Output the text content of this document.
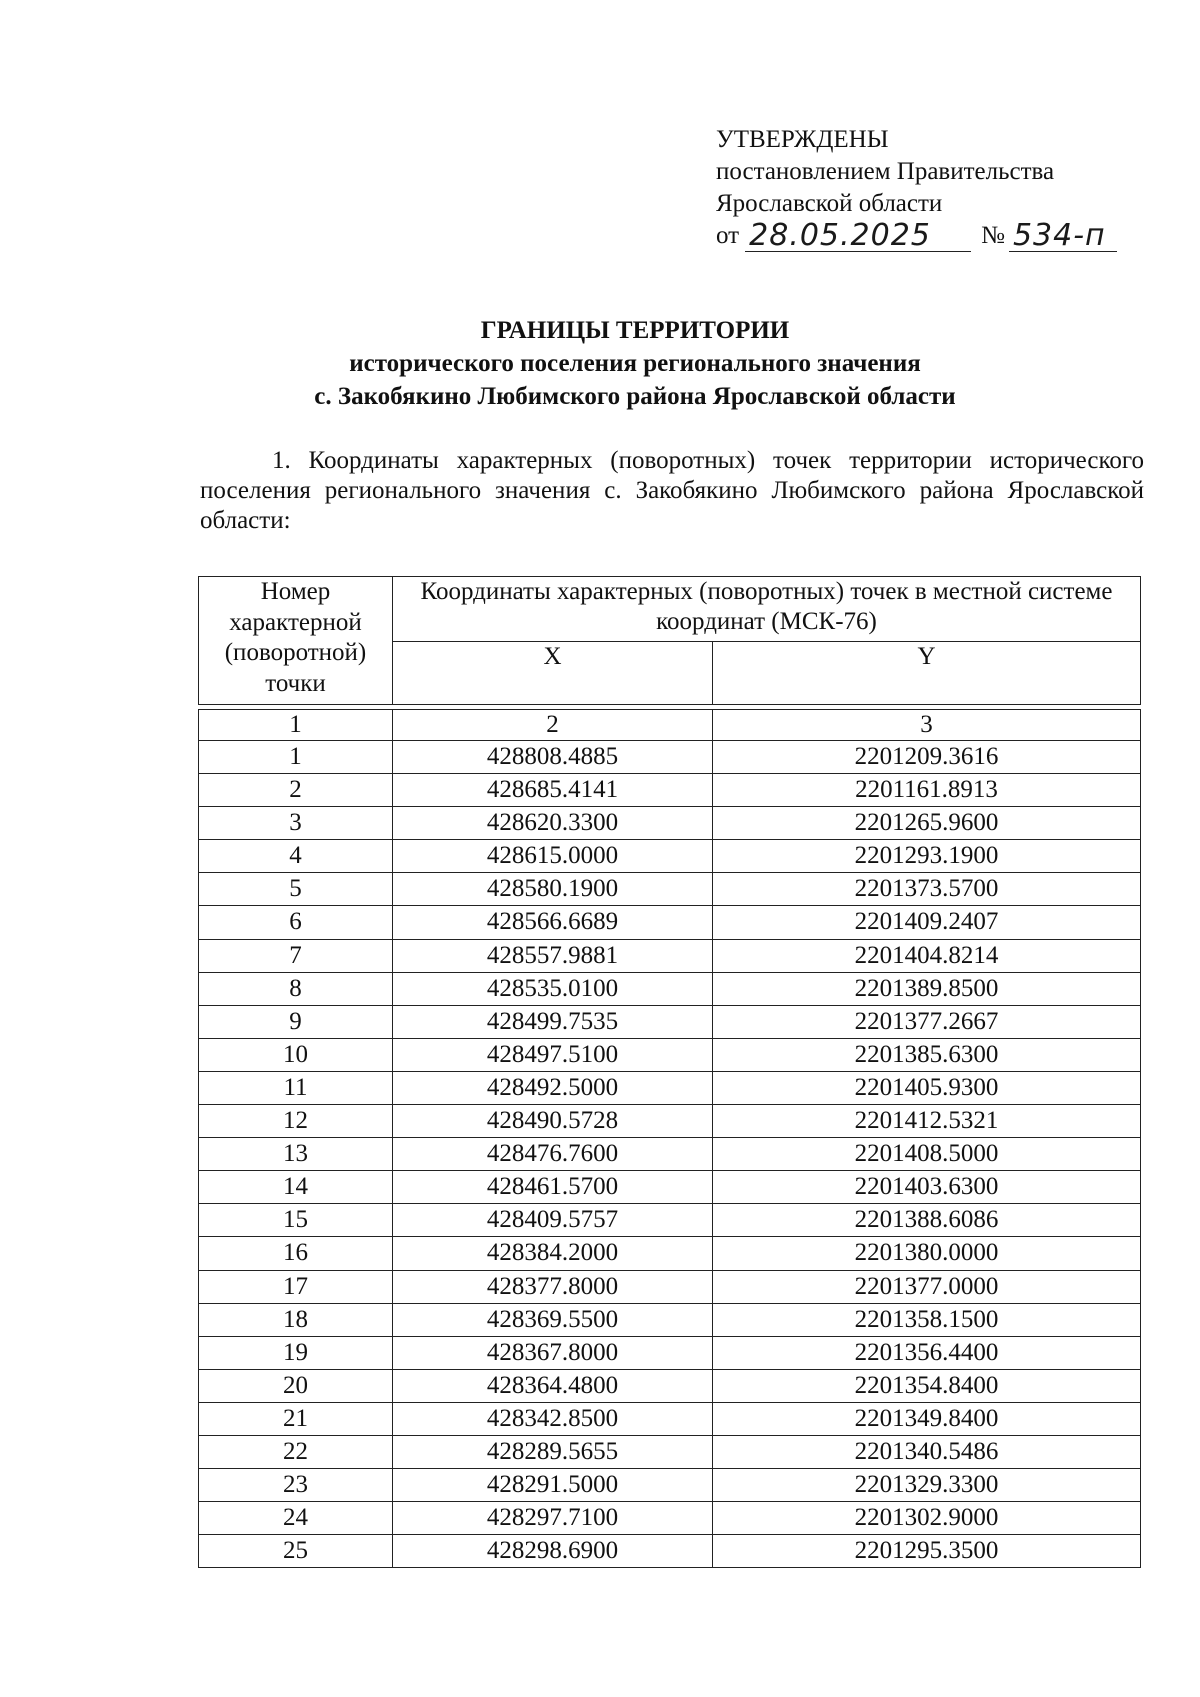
УТВЕРЖДЕНЫ
постановлением Правительства
Ярославской области
от 28.05.2025	№ 534-п
ГРАНИЦЫ ТЕРРИТОРИИ
исторического поселения регионального значения
с. Закобякино Любимского района Ярославской области
1. Координаты характерных (поворотных) точек территории исторического поселения регионального значения с. Закобякино Любимского района Ярославской области:
Номер характерной (поворотной) точки	Координаты характерных (поворотных) точек в местной системе координат (МСК-76)	
	X	Y

1	2	3
1	428808.4885	2201209.3616
2	428685.4141	2201161.8913
3	428620.3300	2201265.9600
4	428615.0000	2201293.1900
5	428580.1900	2201373.5700
6	428566.6689	2201409.2407
7	428557.9881	2201404.8214
8	428535.0100	2201389.8500
9	428499.7535	2201377.2667
10	428497.5100	2201385.6300
11	428492.5000	2201405.9300
12	428490.5728	2201412.5321
13	428476.7600	2201408.5000
14	428461.5700	2201403.6300
15	428409.5757	2201388.6086
16	428384.2000	2201380.0000
17	428377.8000	2201377.0000
18	428369.5500	2201358.1500
19	428367.8000	2201356.4400
20	428364.4800	2201354.8400
21	428342.8500	2201349.8400
22	428289.5655	2201340.5486
23	428291.5000	2201329.3300
24	428297.7100	2201302.9000
25	428298.6900	2201295.3500
